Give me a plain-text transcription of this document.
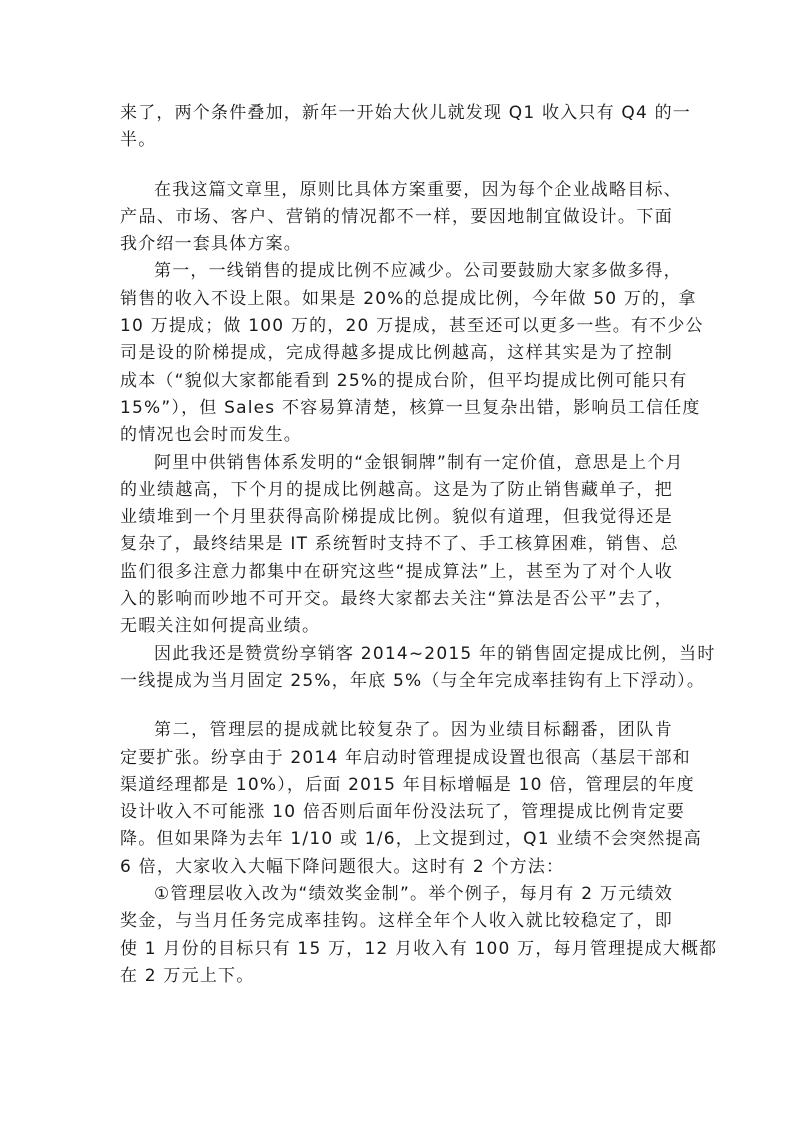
来了，两个条件叠加，新年一开始大伙儿就发现 Q1 收入只有 Q4 的一
半。
在我这篇文章里，原则比具体方案重要，因为每个企业战略目标、
产品、市场、客户、营销的情况都不一样，要因地制宜做设计。下面
我介绍一套具体方案。
第一，一线销售的提成比例不应减少。公司要鼓励大家多做多得，
销售的收入不设上限。如果是 20%的总提成比例，今年做 50 万的，拿
10 万提成；做 100 万的，20 万提成，甚至还可以更多一些。有不少公
司是设的阶梯提成，完成得越多提成比例越高，这样其实是为了控制
成本（“貌似大家都能看到 25%的提成台阶，但平均提成比例可能只有
15%”），但 Sales 不容易算清楚，核算一旦复杂出错，影响员工信任度
的情况也会时而发生。
阿里中供销售体系发明的“金银铜牌”制有一定价值，意思是上个月
的业绩越高，下个月的提成比例越高。这是为了防止销售藏单子，把
业绩堆到一个月里获得高阶梯提成比例。貌似有道理，但我觉得还是
复杂了，最终结果是 IT 系统暂时支持不了、手工核算困难，销售、总
监们很多注意力都集中在研究这些“提成算法”上，甚至为了对个人收
入的影响而吵地不可开交。最终大家都去关注“算法是否公平”去了，
无暇关注如何提高业绩。
因此我还是赞赏纷享销客 2014~2015 年的销售固定提成比例，当时
一线提成为当月固定 25%，年底 5%（与全年完成率挂钩有上下浮动）。
第二，管理层的提成就比较复杂了。因为业绩目标翻番，团队肯
定要扩张。纷享由于 2014 年启动时管理提成设置也很高（基层干部和
渠道经理都是 10%），后面 2015 年目标增幅是 10 倍，管理层的年度
设计收入不可能涨 10 倍否则后面年份没法玩了，管理提成比例肯定要
降。但如果降为去年 1/10 或 1/6，上文提到过，Q1 业绩不会突然提高
6 倍，大家收入大幅下降问题很大。这时有 2 个方法：
①管理层收入改为“绩效奖金制”。举个例子，每月有 2 万元绩效
奖金，与当月任务完成率挂钩。这样全年个人收入就比较稳定了，即
使 1 月份的目标只有 15 万，12 月收入有 100 万，每月管理提成大概都
在 2 万元上下。
